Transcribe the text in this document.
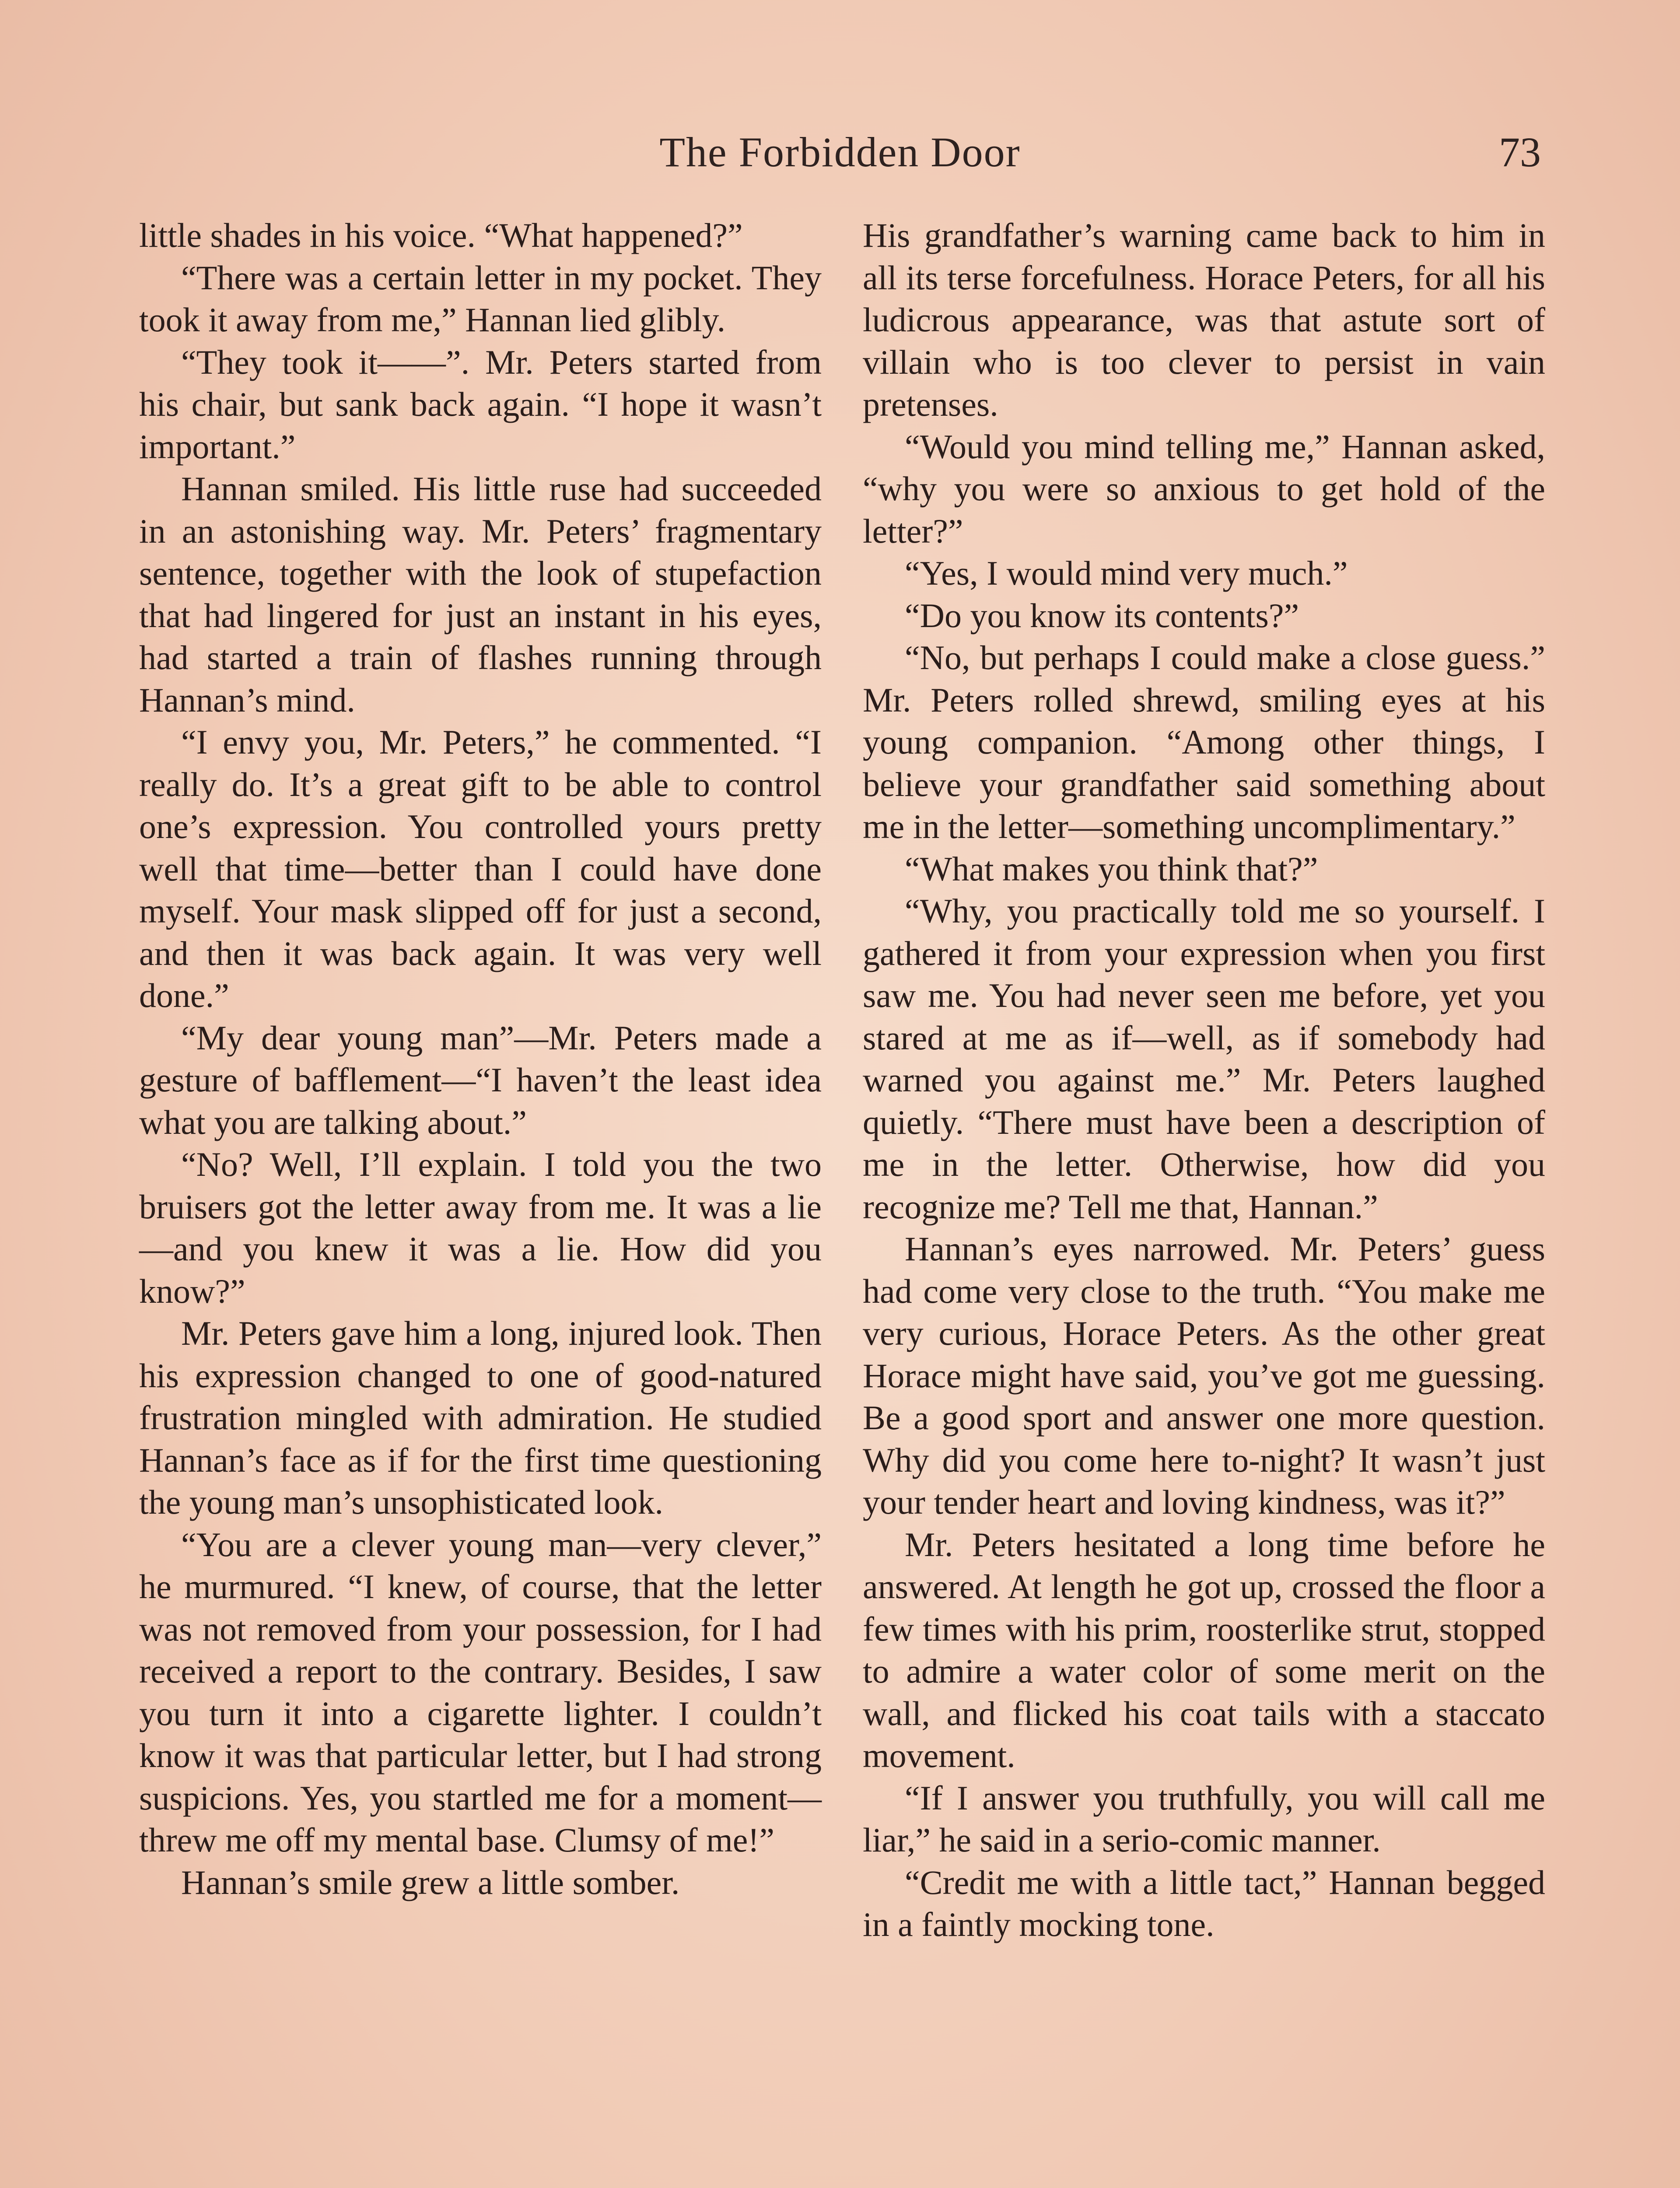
The Forbidden Door	73

little shades in his voice. “What happened?”

“There was a certain letter in my pocket. They took it away from me,” Hannan lied glibly.

“They took it——”. Mr. Peters started from his chair, but sank back again. “I hope it wasn’t important.”

Hannan smiled. His little ruse had succeeded in an astonishing way. Mr. Peters’ fragmentary sentence, together with the look of stupefaction that had lingered for just an instant in his eyes, had started a train of flashes running through Hannan’s mind.

“I envy you, Mr. Peters,” he commented. “I really do. It’s a great gift to be able to control one’s expression. You controlled yours pretty well that time—better than I could have done myself. Your mask slipped off for just a second, and then it was back again. It was very well done.”

“My dear young man”—Mr. Peters made a gesture of bafflement—“I haven’t the least idea what you are talking about.”

“No? Well, I’ll explain. I told you the two bruisers got the letter away from me. It was a lie—and you knew it was a lie. How did you know?”

Mr. Peters gave him a long, injured look. Then his expression changed to one of good-natured frustration mingled with admiration. He studied Hannan’s face as if for the first time questioning the young man’s unsophisticated look.

“You are a clever young man—very clever,” he murmured. “I knew, of course, that the letter was not removed from your possession, for I had received a report to the contrary. Besides, I saw you turn it into a cigarette lighter. I couldn’t know it was that particular letter, but I had strong suspicions. Yes, you startled me for a moment—threw me off my mental base. Clumsy of me!”

Hannan’s smile grew a little somber.

His grandfather’s warning came back to him in all its terse forcefulness. Horace Peters, for all his ludicrous appearance, was that astute sort of villain who is too clever to persist in vain pretenses.

“Would you mind telling me,” Hannan asked, “why you were so anxious to get hold of the letter?”

“Yes, I would mind very much.”

“Do you know its contents?”

“No, but perhaps I could make a close guess.” Mr. Peters rolled shrewd, smiling eyes at his young companion. “Among other things, I believe your grandfather said something about me in the letter—something uncomplimentary.”

“What makes you think that?”

“Why, you practically told me so yourself. I gathered it from your expression when you first saw me. You had never seen me before, yet you stared at me as if—well, as if somebody had warned you against me.” Mr. Peters laughed quietly. “There must have been a description of me in the letter. Otherwise, how did you recognize me? Tell me that, Hannan.”

Hannan’s eyes narrowed. Mr. Peters’ guess had come very close to the truth. “You make me very curious, Horace Peters. As the other great Horace might have said, you’ve got me guessing. Be a good sport and answer one more question. Why did you come here to-night? It wasn’t just your tender heart and loving kindness, was it?”

Mr. Peters hesitated a long time before he answered. At length he got up, crossed the floor a few times with his prim, roosterlike strut, stopped to admire a water color of some merit on the wall, and flicked his coat tails with a staccato movement.

“If I answer you truthfully, you will call me liar,” he said in a serio-comic manner.

“Credit me with a little tact,” Hannan begged in a faintly mocking tone.
